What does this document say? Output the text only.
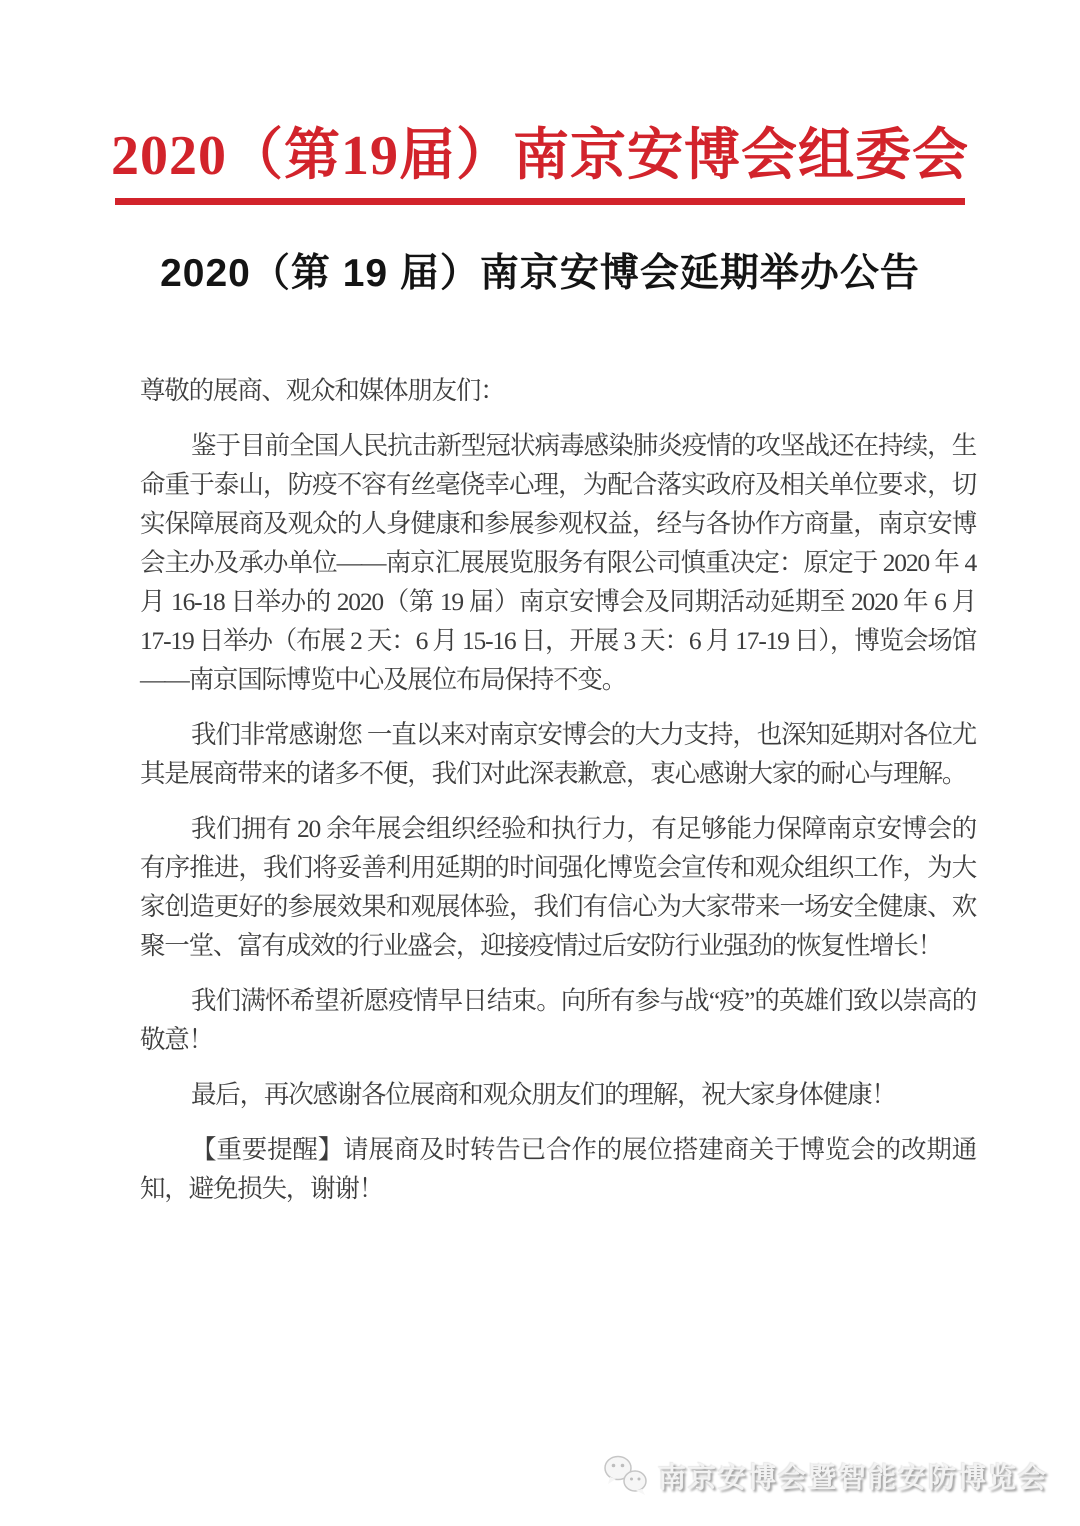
2020（第19届）南京安博会组委会
2020（第 19 届）南京安博会延期举办公告

尊敬的展商、观众和媒体朋友们：

鉴于目前全国人民抗击新型冠状病毒感染肺炎疫情的攻坚战还在持续，生命重于泰山，防疫不容有丝毫侥幸心理，为配合落实政府及相关单位要求，切实保障展商及观众的人身健康和参展参观权益，经与各协作方商量，南京安博会主办及承办单位——南京汇展展览服务有限公司慎重决定：原定于 2020 年 4 月 16-18 日举办的 2020（第 19 届）南京安博会及同期活动延期至 2020 年 6 月 17-19 日举办（布展 2 天：6 月 15-16 日，开展 3 天：6 月 17-19 日），博览会场馆——南京国际博览中心及展位布局保持不变。

我们非常感谢您 一直以来对南京安博会的大力支持，也深知延期对各位尤其是展商带来的诸多不便，我们对此深表歉意，衷心感谢大家的耐心与理解。

我们拥有 20 余年展会组织经验和执行力，有足够能力保障南京安博会的有序推进，我们将妥善利用延期的时间强化博览会宣传和观众组织工作，为大家创造更好的参展效果和观展体验，我们有信心为大家带来一场安全健康、欢聚一堂、富有成效的行业盛会，迎接疫情过后安防行业强劲的恢复性增长！

我们满怀希望祈愿疫情早日结束。向所有参与战“疫”的英雄们致以崇高的敬意！

最后，再次感谢各位展商和观众朋友们的理解，祝大家身体健康！

【重要提醒】请展商及时转告已合作的展位搭建商关于博览会的改期通知，避免损失，谢谢！

南京安博会暨智能安防博览会
